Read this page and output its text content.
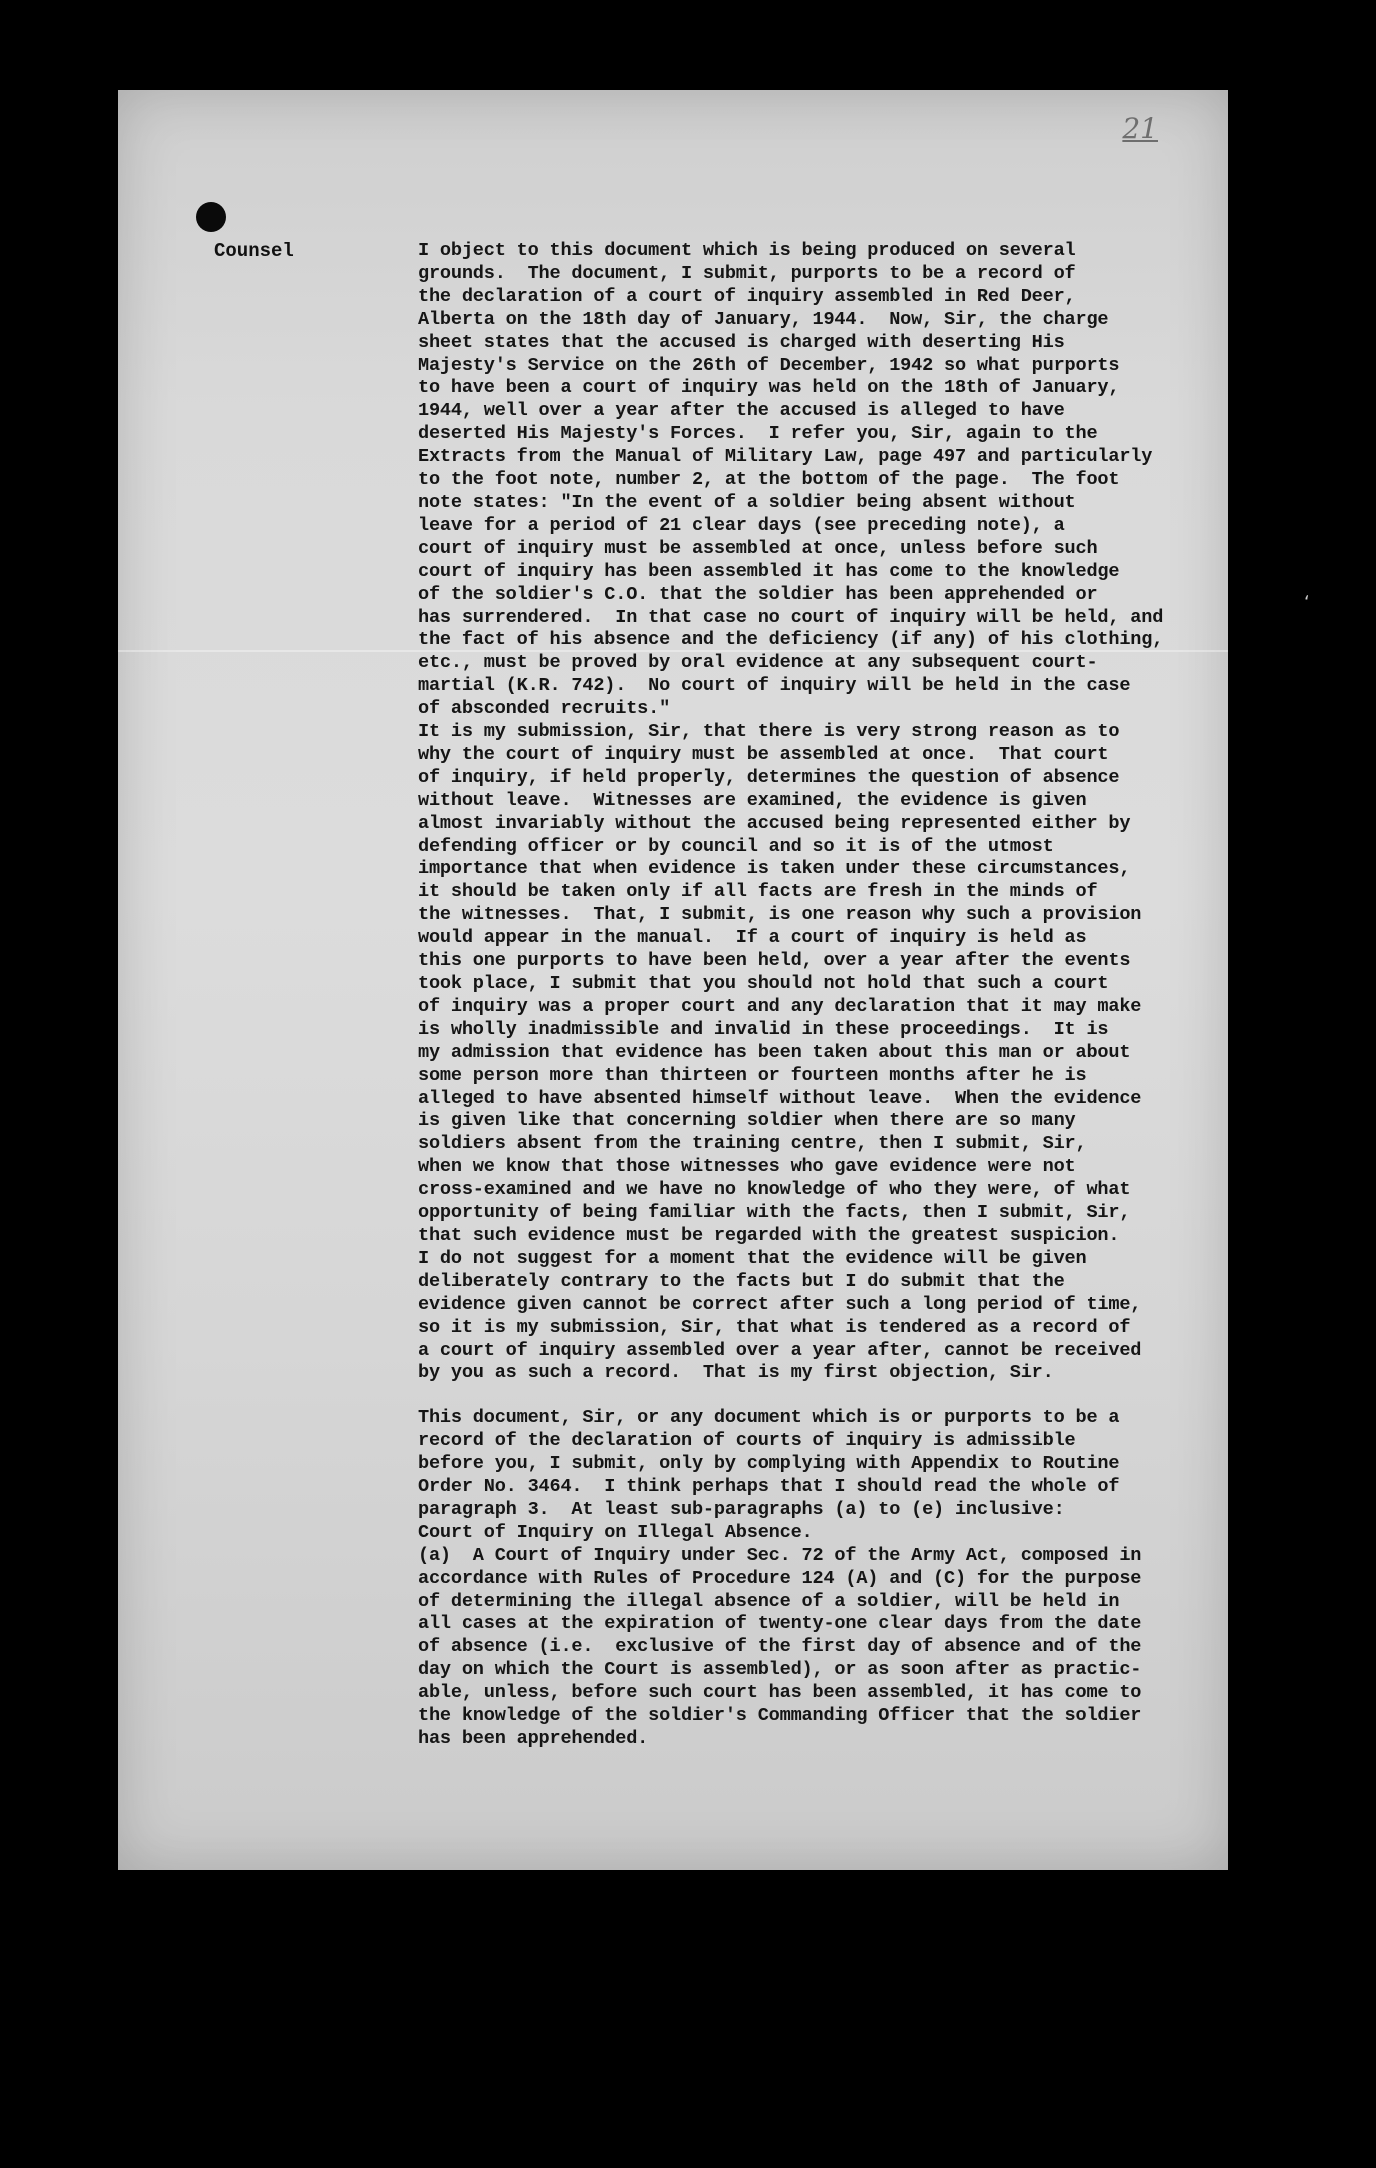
21
Counsel	I object to this document which is being produced on several
grounds.  The document, I submit, purports to be a record of
the declaration of a court of inquiry assembled in Red Deer,
Alberta on the 18th day of January, 1944.  Now, Sir, the charge
sheet states that the accused is charged with deserting His
Majesty's Service on the 26th of December, 1942 so what purports
to have been a court of inquiry was held on the 18th of January,
1944, well over a year after the accused is alleged to have
deserted His Majesty's Forces.  I refer you, Sir, again to the
Extracts from the Manual of Military Law, page 497 and particularly
to the foot note, number 2, at the bottom of the page.  The foot
note states: "In the event of a soldier being absent without
leave for a period of 21 clear days (see preceding note), a
court of inquiry must be assembled at once, unless before such
court of inquiry has been assembled it has come to the knowledge
of the soldier's C.O. that the soldier has been apprehended or
has surrendered.  In that case no court of inquiry will be held, and
the fact of his absence and the deficiency (if any) of his clothing,
etc., must be proved by oral evidence at any subsequent court-
martial (K.R. 742).  No court of inquiry will be held in the case
of absconded recruits."
It is my submission, Sir, that there is very strong reason as to
why the court of inquiry must be assembled at once.  That court
of inquiry, if held properly, determines the question of absence
without leave.  Witnesses are examined, the evidence is given
almost invariably without the accused being represented either by
defending officer or by council and so it is of the utmost
importance that when evidence is taken under these circumstances,
it should be taken only if all facts are fresh in the minds of
the witnesses.  That, I submit, is one reason why such a provision
would appear in the manual.  If a court of inquiry is held as
this one purports to have been held, over a year after the events
took place, I submit that you should not hold that such a court
of inquiry was a proper court and any declaration that it may make
is wholly inadmissible and invalid in these proceedings.  It is
my admission that evidence has been taken about this man or about
some person more than thirteen or fourteen months after he is
alleged to have absented himself without leave.  When the evidence
is given like that concerning soldier when there are so many
soldiers absent from the training centre, then I submit, Sir,
when we know that those witnesses who gave evidence were not
cross-examined and we have no knowledge of who they were, of what
opportunity of being familiar with the facts, then I submit, Sir,
that such evidence must be regarded with the greatest suspicion.
I do not suggest for a moment that the evidence will be given
deliberately contrary to the facts but I do submit that the
evidence given cannot be correct after such a long period of time,
so it is my submission, Sir, that what is tendered as a record of
a court of inquiry assembled over a year after, cannot be received
by you as such a record.  That is my first objection, Sir.
This document, Sir, or any document which is or purports to be a
record of the declaration of courts of inquiry is admissible
before you, I submit, only by complying with Appendix to Routine
Order No. 3464.  I think perhaps that I should read the whole of
paragraph 3.  At least sub-paragraphs (a) to (e) inclusive:
Court of Inquiry on Illegal Absence.
(a)  A Court of Inquiry under Sec. 72 of the Army Act, composed in
accordance with Rules of Procedure 124 (A) and (C) for the purpose
of determining the illegal absence of a soldier, will be held in
all cases at the expiration of twenty-one clear days from the date
of absence (i.e.  exclusive of the first day of absence and of the
day on which the Court is assembled), or as soon after as practic-
able, unless, before such court has been assembled, it has come to
the knowledge of the soldier's Commanding Officer that the soldier
has been apprehended.
ʻ
